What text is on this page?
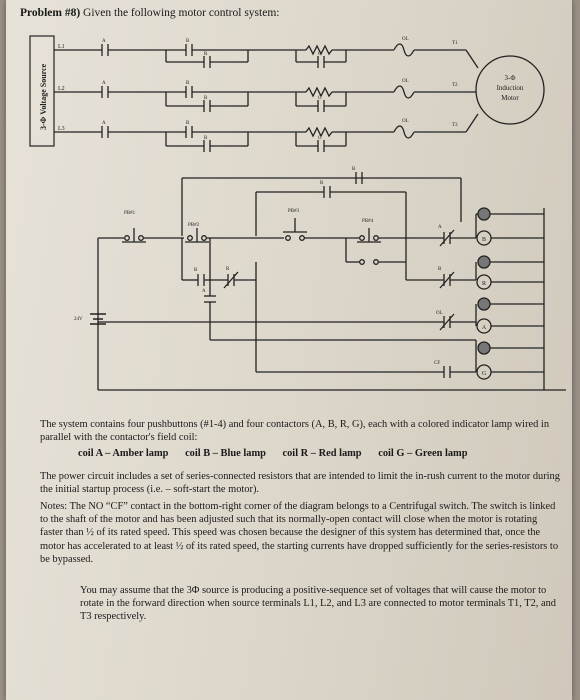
Problem #8) Given the following motor control system:
3-Φ Voltage Source
L1
L2
L3
A	B
R	G
A	B
R	G
A	B
R	G
OL
OL
OL
T1
T2
T3
3-Φ
Induction
Motor
24V
B
R
PB#1
PB#2
PB#3
PB#4
A
B	R
A
B
OL
CF
B
R
A
G
The system contains four pushbuttons (#1-4) and four contactors (A, B, R, G), each with a colored indicator lamp wired in parallel with the contactor's field coil:
coil A – Amber lamp coil B – Blue lamp coil R – Red lamp coil G – Green lamp
The power circuit includes a set of series-connected resistors that are intended to limit the in-rush current to the motor during the initial startup process (i.e. – soft-start the motor).
Notes: The NO “CF” contact in the bottom-right corner of the diagram belongs to a Centrifugal switch. The switch is linked to the shaft of the motor and has been adjusted such that its normally-open contact will close when the motor is rotating faster than ½ of its rated speed. This speed was chosen because the designer of this system has determined that, once the motor has accelerated to at least ½ of its rated speed, the starting currents have dropped sufficiently for the series-resistors to be bypassed.
You may assume that the 3Φ source is producing a positive-sequence set of voltages that will cause the motor to rotate in the forward direction when source terminals L1, L2, and L3 are connected to motor terminals T1, T2, and T3 respectively.
